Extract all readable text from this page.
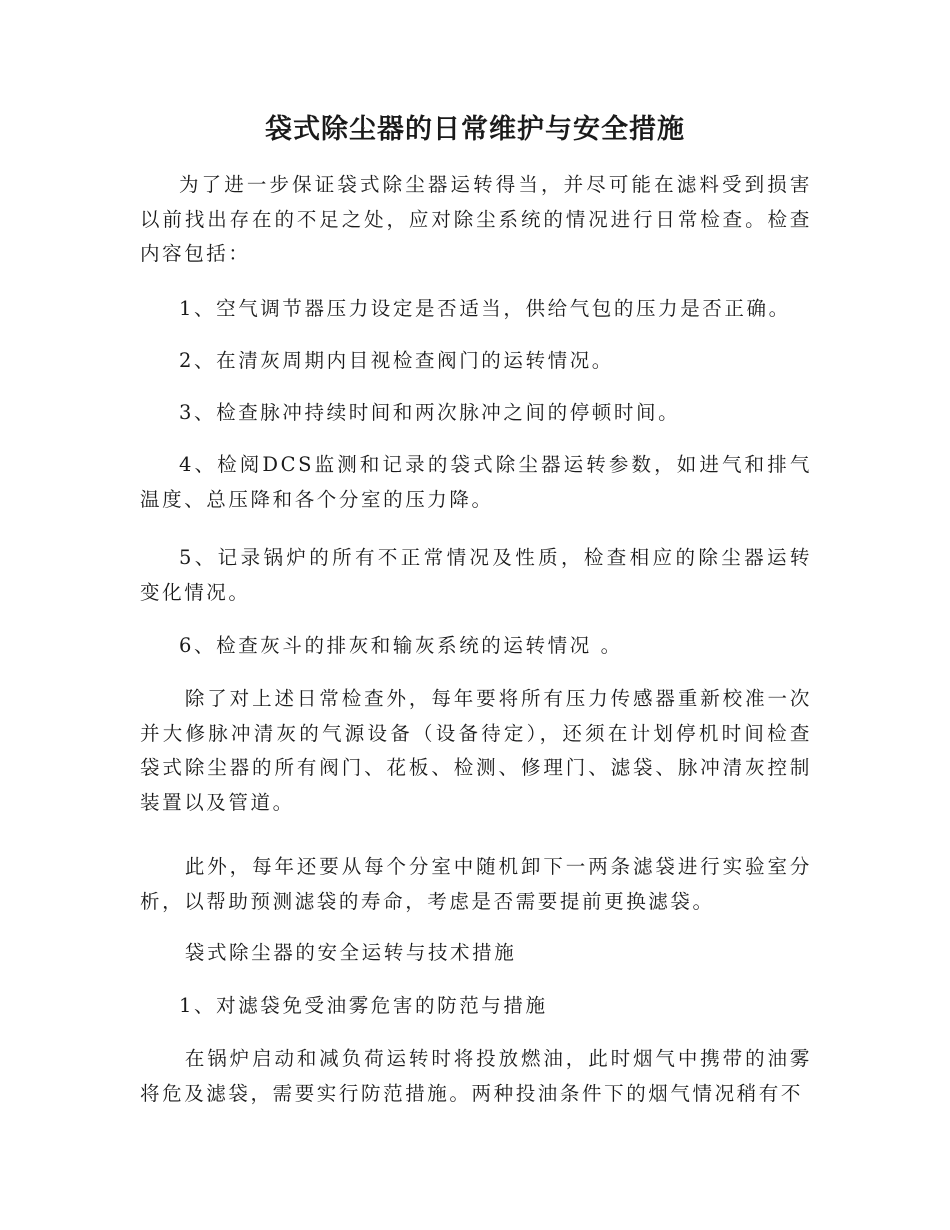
袋式除尘器的日常维护与安全措施
为了进一步保证袋式除尘器运转得当，并尽可能在滤料受到损害以前找出存在的不足之处，应对除尘系统的情况进行日常检查。检查内容包括：
1、空气调节器压力设定是否适当，供给气包的压力是否正确。
2、在清灰周期内目视检查阀门的运转情况。
3、检查脉冲持续时间和两次脉冲之间的停顿时间。
4、检阅DCS监测和记录的袋式除尘器运转参数，如进气和排气温度、总压降和各个分室的压力降。
5、记录锅炉的所有不正常情况及性质，检查相应的除尘器运转变化情况。
6、检查灰斗的排灰和输灰系统的运转情况 。
除了对上述日常检查外，每年要将所有压力传感器重新校准一次并大修脉冲清灰的气源设备（设备待定），还须在计划停机时间检查袋式除尘器的所有阀门、花板、检测、修理门、滤袋、脉冲清灰控制装置以及管道。
此外，每年还要从每个分室中随机卸下一两条滤袋进行实验室分析，以帮助预测滤袋的寿命，考虑是否需要提前更换滤袋。
袋式除尘器的安全运转与技术措施
1、对滤袋免受油雾危害的防范与措施
在锅炉启动和减负荷运转时将投放燃油，此时烟气中携带的油雾将危及滤袋，需要实行防范措施。两种投油条件下的烟气情况稍有不
